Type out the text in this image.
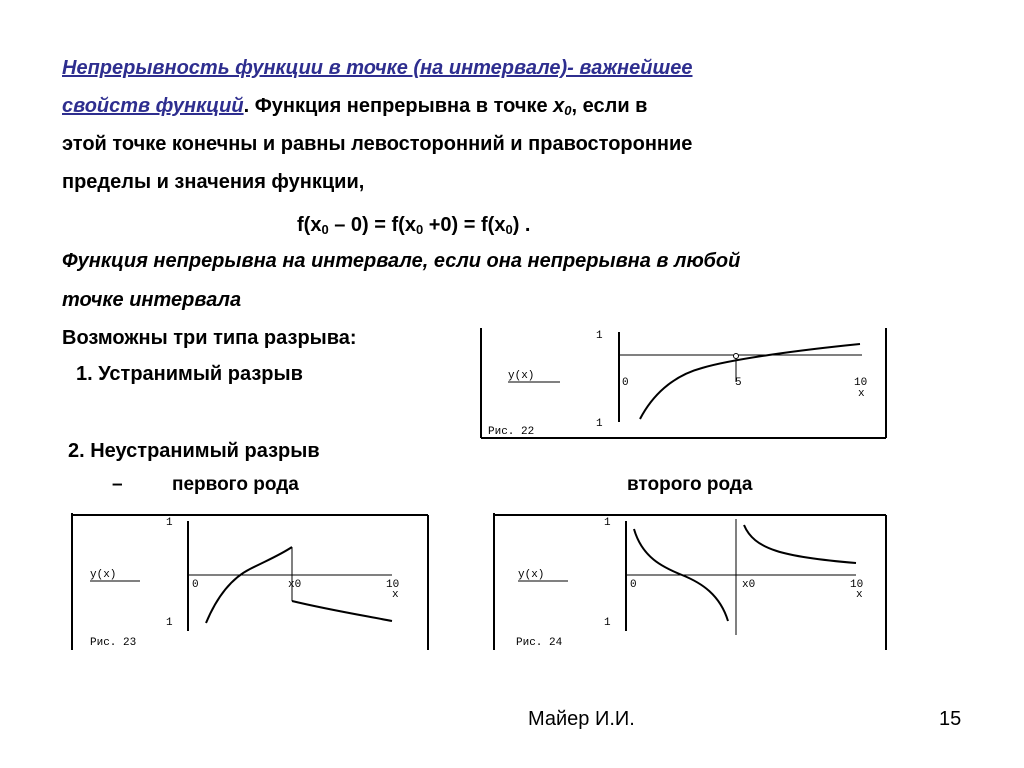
Непрерывность функции в точке (на интервале)- важнейшее
свойств функций. Функция непрерывна в точке $x_0$, если в
этой точке конечны и равны левосторонний и правосторонние
пределы и значения функции,
$f(x_0 - 0) = f(x_0 +0) = f(x_0)$ .
Функция непрерывна на интервале, если она непрерывна в любой
точке интервала
Возможны три типа разрыва:
1. Устранимый разрыв
2. Неустранимый разрыв
–	первого рода	второго рода
y(x)
1
1
0	5	10
x
Рис. 22
y(x)
1
1
0	x0	10
x
Рис. 23
y(x)
1
1
0	x0	10
x
Рис. 24
Майер И.И.	15
